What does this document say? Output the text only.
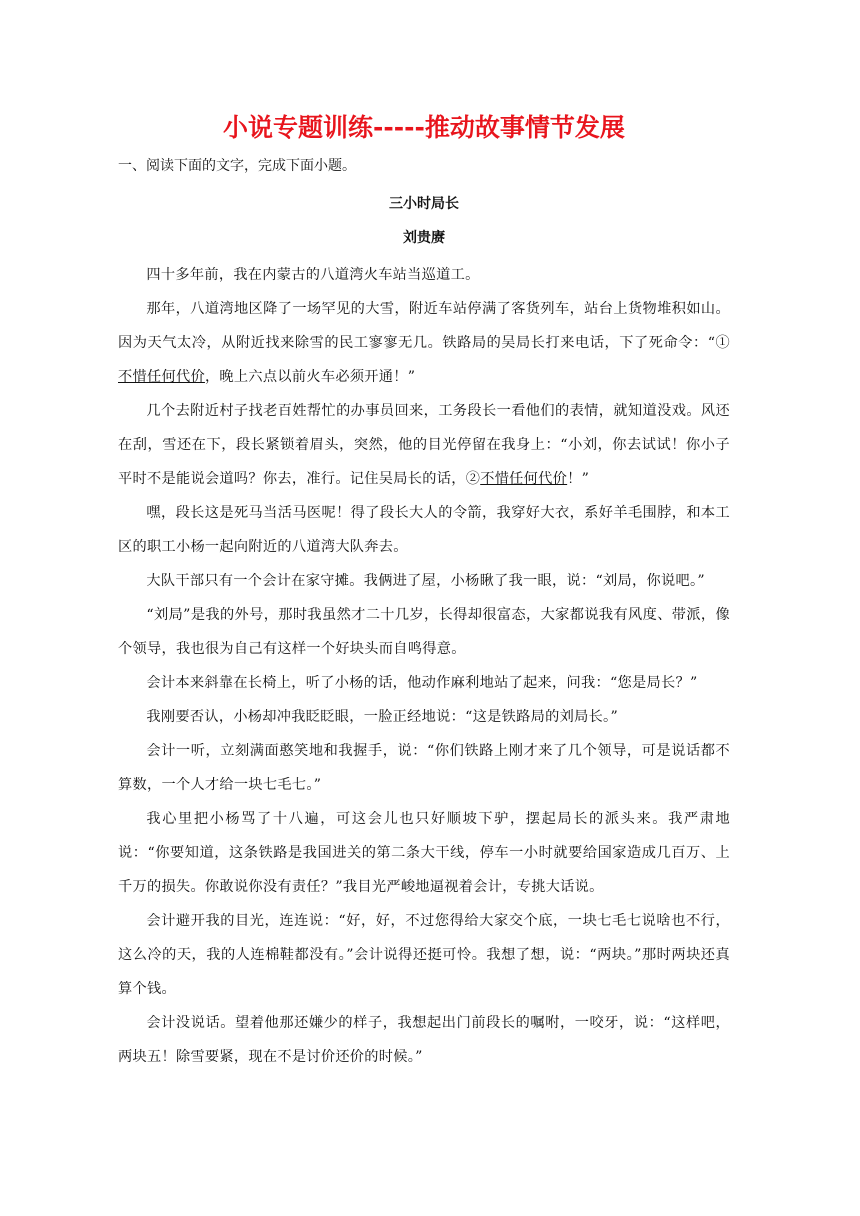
小说专题训练-----推动故事情节发展

一、阅读下面的文字，完成下面小题。

三小时局长

刘贵赓

四十多年前，我在内蒙古的八道湾火车站当巡道工。

那年，八道湾地区降了一场罕见的大雪，附近车站停满了客货列车，站台上货物堆积如山。因为天气太冷，从附近找来除雪的民工寥寥无几。铁路局的吴局长打来电话，下了死命令：“①不惜任何代价，晚上六点以前火车必须开通！”

几个去附近村子找老百姓帮忙的办事员回来，工务段长一看他们的表情，就知道没戏。风还在刮，雪还在下，段长紧锁着眉头，突然，他的目光停留在我身上：“小刘，你去试试！你小子平时不是能说会道吗？你去，准行。记住吴局长的话，②不惜任何代价！”

嘿，段长这是死马当活马医呢！得了段长大人的令箭，我穿好大衣，系好羊毛围脖，和本工区的职工小杨一起向附近的八道湾大队奔去。

大队干部只有一个会计在家守摊。我俩进了屋，小杨瞅了我一眼，说：“刘局，你说吧。”

“刘局”是我的外号，那时我虽然才二十几岁，长得却很富态，大家都说我有风度、带派，像个领导，我也很为自己有这样一个好块头而自鸣得意。

会计本来斜靠在长椅上，听了小杨的话，他动作麻利地站了起来，问我：“您是局长？”

我刚要否认，小杨却冲我眨眨眼，一脸正经地说：“这是铁路局的刘局长。”

会计一听，立刻满面憨笑地和我握手，说：“你们铁路上刚才来了几个领导，可是说话都不算数，一个人才给一块七毛七。”

我心里把小杨骂了十八遍，可这会儿也只好顺坡下驴，摆起局长的派头来。我严肃地说：“你要知道，这条铁路是我国进关的第二条大干线，停车一小时就要给国家造成几百万、上千万的损失。你敢说你没有责任？”我目光严峻地逼视着会计，专挑大话说。

会计避开我的目光，连连说：“好，好，不过您得给大家交个底，一块七毛七说啥也不行，这么冷的天，我的人连棉鞋都没有。”会计说得还挺可怜。我想了想，说：“两块。”那时两块还真算个钱。

会计没说话。望着他那还嫌少的样子，我想起出门前段长的嘱咐，一咬牙，说：“这样吧，两块五！除雪要紧，现在不是讨价还价的时候。”
